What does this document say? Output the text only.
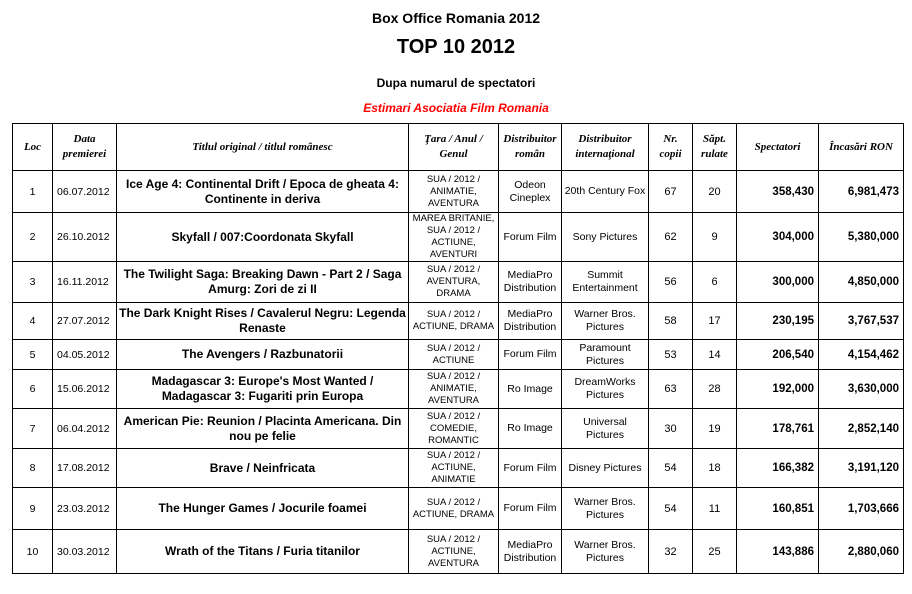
Box Office Romania 2012
TOP 10 2012
Dupa numarul de spectatori
Estimari Asociatia Film Romania
Loc	Data premierei	Titlul original / titlul românesc	Ţara / Anul / Genul	Distribuitor român	Distribuitor internaţional	Nr. copii	Săpt. rulate	Spectatori	Încasări RON
1	06.07.2012	Ice Age 4: Continental Drift / Epoca de gheata 4: Continente in deriva	SUA / 2012 / ANIMATIE, AVENTURA	Odeon Cineplex	20th Century Fox	67	20	358,430	6,981,473
2	26.10.2012	Skyfall / 007:Coordonata Skyfall	MAREA BRITANIE, SUA / 2012 / ACTIUNE, AVENTURI	Forum Film	Sony Pictures	62	9	304,000	5,380,000
3	16.11.2012	The Twilight Saga: Breaking Dawn - Part 2 / Saga Amurg: Zori de zi II	SUA / 2012 / AVENTURA, DRAMA	MediaPro Distribution	Summit Entertainment	56	6	300,000	4,850,000
4	27.07.2012	The Dark Knight Rises / Cavalerul Negru: Legenda Renaste	SUA / 2012 / ACTIUNE, DRAMA	MediaPro Distribution	Warner Bros. Pictures	58	17	230,195	3,767,537
5	04.05.2012	The Avengers / Razbunatorii	SUA / 2012 / ACTIUNE	Forum Film	Paramount Pictures	53	14	206,540	4,154,462
6	15.06.2012	Madagascar 3: Europe's Most Wanted / Madagascar 3: Fugariti prin Europa	SUA / 2012 / ANIMATIE, AVENTURA	Ro Image	DreamWorks Pictures	63	28	192,000	3,630,000
7	06.04.2012	American Pie: Reunion / Placinta Americana. Din nou pe felie	SUA / 2012 / COMEDIE, ROMANTIC	Ro Image	Universal Pictures	30	19	178,761	2,852,140
8	17.08.2012	Brave / Neinfricata	SUA / 2012 / ACTIUNE, ANIMATIE	Forum Film	Disney Pictures	54	18	166,382	3,191,120
9	23.03.2012	The Hunger Games / Jocurile foamei	SUA / 2012 / ACTIUNE, DRAMA	Forum Film	Warner Bros. Pictures	54	11	160,851	1,703,666
10	30.03.2012	Wrath of the Titans / Furia titanilor	SUA / 2012 / ACTIUNE, AVENTURA	MediaPro Distribution	Warner Bros. Pictures	32	25	143,886	2,880,060
